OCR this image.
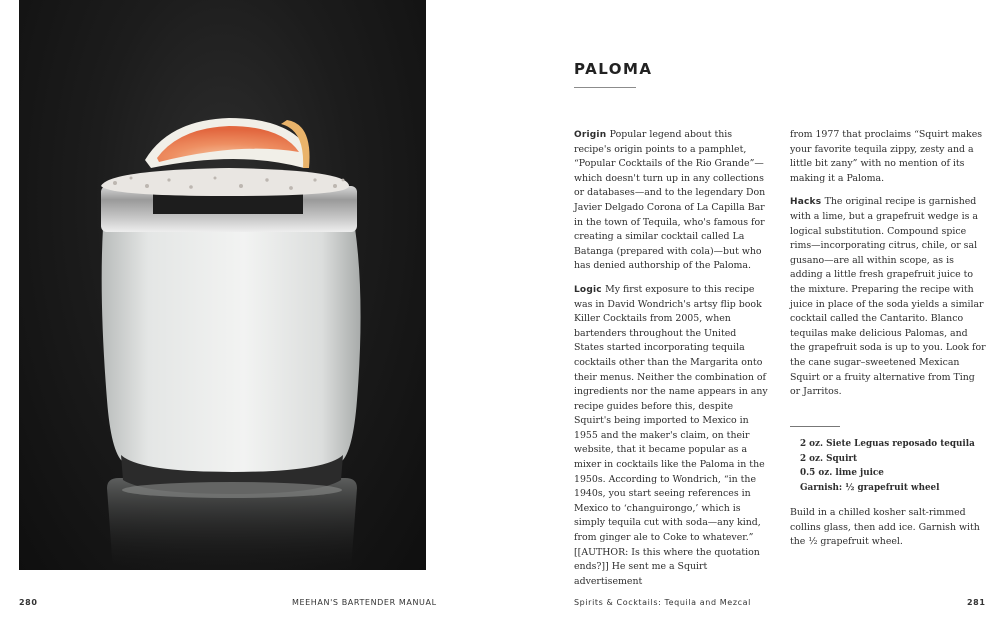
280	MEEHAN'S BARTENDER MANUAL
PALOMA

Origin Popular legend about this recipe's origin points to a pamphlet, “Popular Cocktails of the Rio Grande”—which doesn't turn up in any collections or databases—and to the legendary Don Javier Delgado Corona of La Capilla Bar in the town of Tequila, who's famous for creating a similar cocktail called La Batanga (prepared with cola)—but who has denied authorship of the Paloma.

Logic My first exposure to this recipe was in David Wondrich's artsy flip book Killer Cocktails from 2005, when bartenders throughout the United States started incorporating tequila cocktails other than the Margarita onto their menus. Neither the combination of ingredients nor the name appears in any recipe guides before this, despite Squirt's being imported to Mexico in 1955 and the maker's claim, on their website, that it became popular as a mixer in cocktails like the Paloma in the 1950s. According to Wondrich, “in the 1940s, you start seeing references in Mexico to ‘changuirongo,’ which is simply tequila cut with soda—any kind, from ginger ale to Coke to whatever.” [[AUTHOR: Is this where the quotation ends?]] He sent me a Squirt advertisement

from 1977 that proclaims “Squirt makes your favorite tequila zippy, zesty and a little bit zany” with no mention of its making it a Paloma.

Hacks The original recipe is garnished with a lime, but a grapefruit wedge is a logical substitution. Compound spice rims—incorporating citrus, chile, or sal gusano—are all within scope, as is adding a little fresh grapefruit juice to the mixture. Preparing the recipe with juice in place of the soda yields a similar cocktail called the Cantarito. Blanco tequilas make delicious Palomas, and the grapefruit soda is up to you. Look for the cane sugar–sweetened Mexican Squirt or a fruity alternative from Ting or Jarritos.

2 oz. Siete Leguas reposado tequila
2 oz. Squirt
0.5 oz. lime juice
Garnish: ½ grapefruit wheel

Build in a chilled kosher salt-rimmed collins glass, then add ice. Garnish with the ½ grapefruit wheel.

Spirits & Cocktails: Tequila and Mezcal	281
